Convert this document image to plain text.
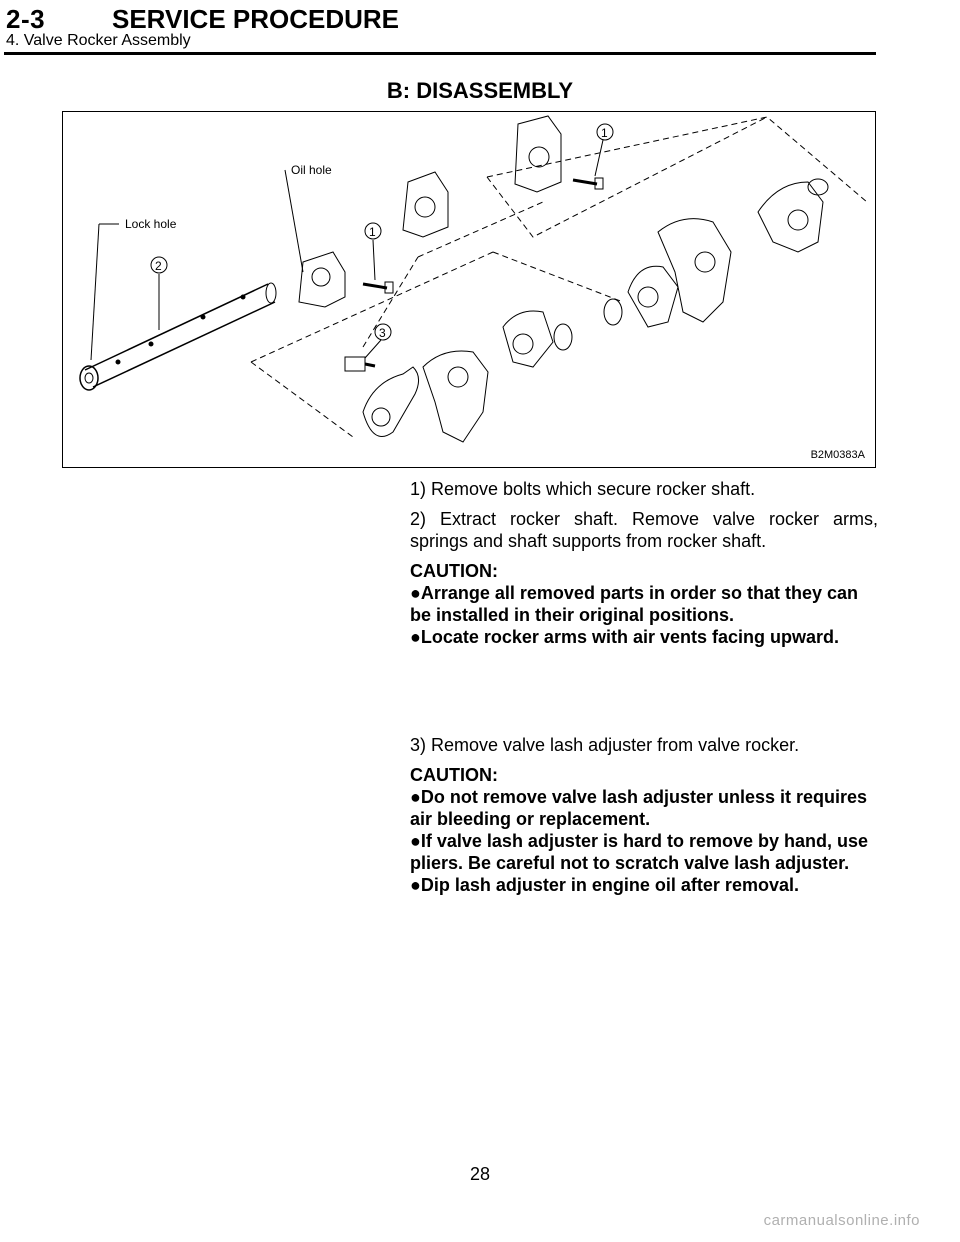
2-3	SERVICE PROCEDURE
4. Valve Rocker Assembly
B: DISASSEMBLY
Oil hole
Lock hole
2
1
1
3
B2M0383A

1) Remove bolts which secure rocker shaft.

2) Extract rocker shaft. Remove valve rocker arms, springs and shaft supports from rocker shaft.

CAUTION:
●Arrange all removed parts in order so that they can be installed in their original positions.
●Locate rocker arms with air vents facing upward.

3) Remove valve lash adjuster from valve rocker.

CAUTION:
●Do not remove valve lash adjuster unless it requires air bleeding or replacement.
●If valve lash adjuster is hard to remove by hand, use pliers. Be careful not to scratch valve lash adjuster.
●Dip lash adjuster in engine oil after removal.
28
carmanualsonline.info
